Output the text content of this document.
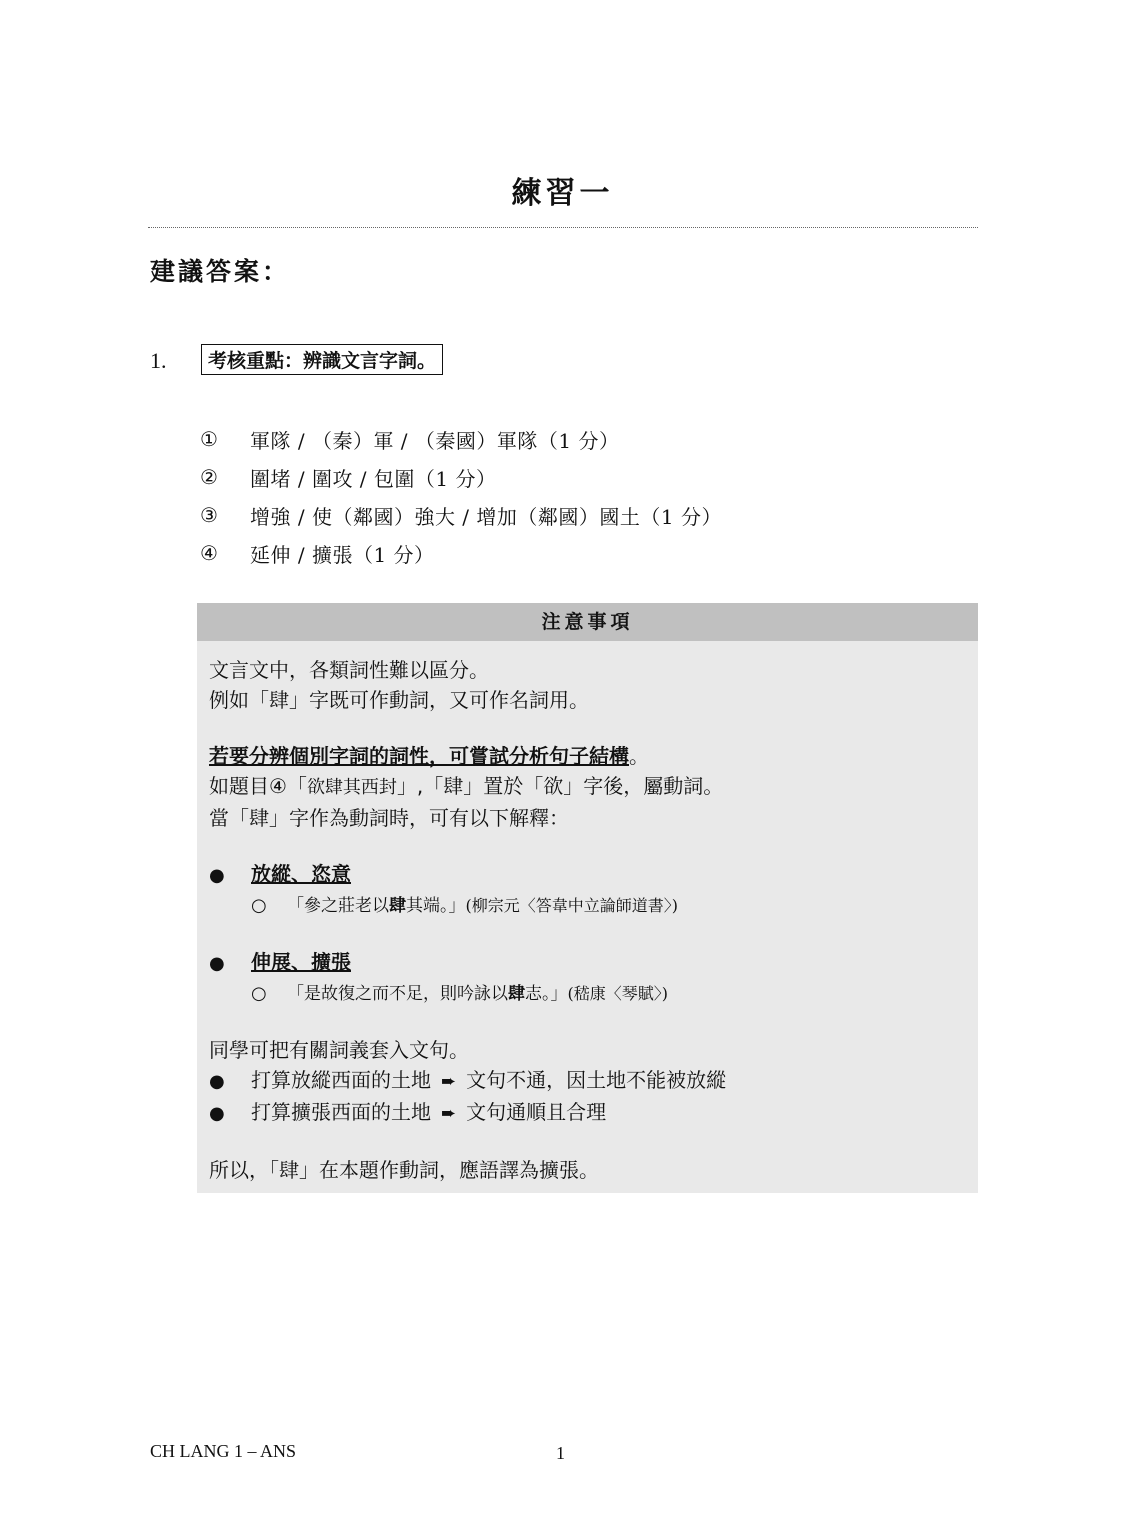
練習一
建議答案：
1.	考核重點：辨識文言字詞。
①	軍隊 / （秦）軍 / （秦國）軍隊（1 分）
②	圍堵 / 圍攻 / 包圍（1 分）
③	增強 / 使（鄰國）強大 / 增加（鄰國）國土（1 分）
④	延伸 / 擴張（1 分）
注意事項
文言文中，各類詞性難以區分。
例如「肆」字既可作動詞，又可作名詞用。
若要分辨個別字詞的詞性，可嘗試分析句子結構。
如題目④「欲肆其西封」,「肆」置於「欲」字後，屬動詞。
當「肆」字作為動詞時，可有以下解釋：
● 放縱、恣意
○ 「參之莊老以肆其端。」(柳宗元〈答韋中立論師道書〉)
● 伸展、擴張
○ 「是故復之而不足，則吟詠以肆志。」(嵇康〈琴賦〉)
同學可把有關詞義套入文句。
● 打算放縱西面的土地 ➨ 文句不通，因土地不能被放縱
● 打算擴張西面的土地 ➨ 文句通順且合理
所以，「肆」在本題作動詞，應語譯為擴張。
CH LANG 1 – ANS	1
